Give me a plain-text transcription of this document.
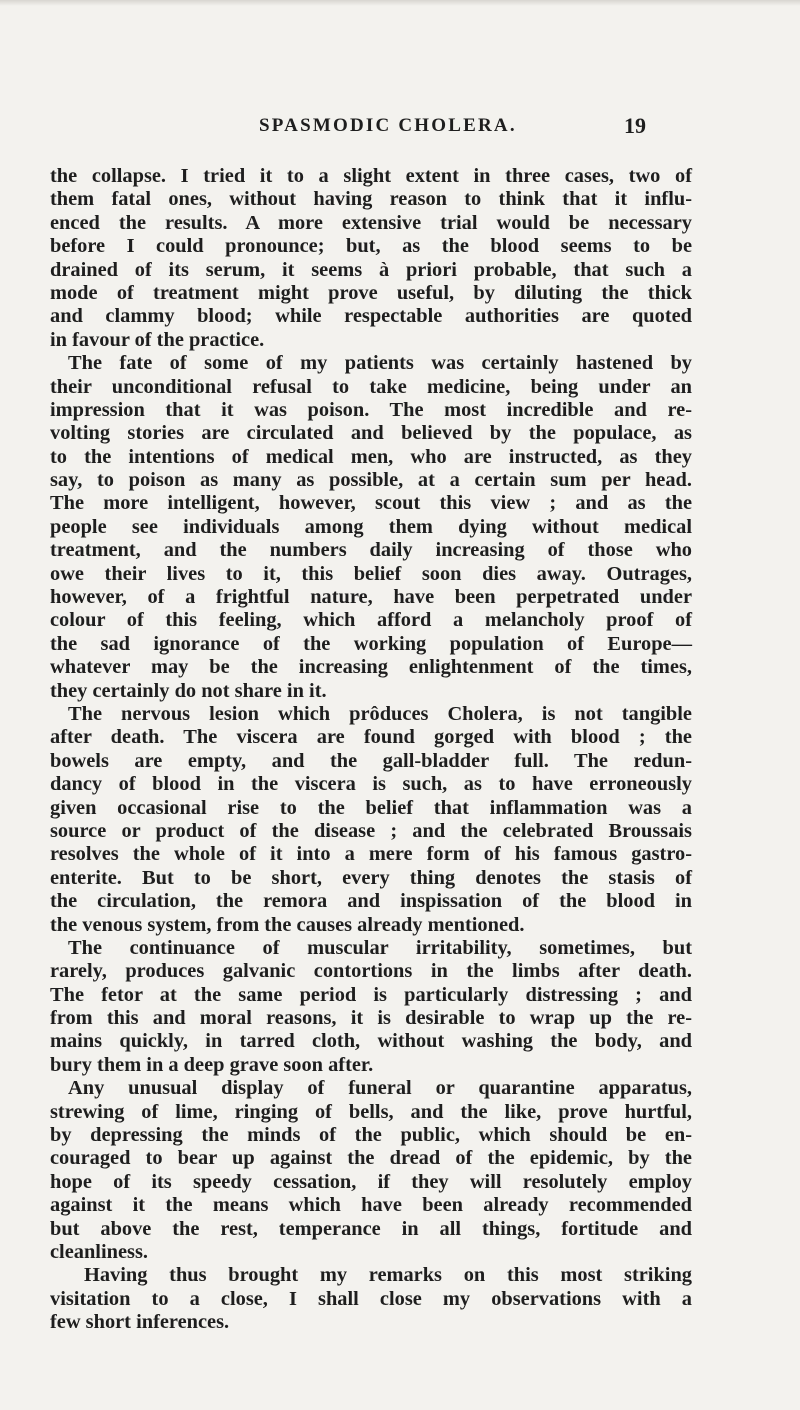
SPASMODIC CHOLERA.	19
the collapse. I tried it to a slight extent in three cases, two of
them fatal ones, without having reason to think that it influ-
enced the results. A more extensive trial would be necessary
before I could pronounce; but, as the blood seems to be
drained of its serum, it seems à priori probable, that such a
mode of treatment might prove useful, by diluting the thick
and clammy blood; while respectable authorities are quoted
in favour of the practice.
The fate of some of my patients was certainly hastened by
their unconditional refusal to take medicine, being under an
impression that it was poison. The most incredible and re-
volting stories are circulated and believed by the populace, as
to the intentions of medical men, who are instructed, as they
say, to poison as many as possible, at a certain sum per head.
The more intelligent, however, scout this view ; and as the
people see individuals among them dying without medical
treatment, and the numbers daily increasing of those who
owe their lives to it, this belief soon dies away. Outrages,
however, of a frightful nature, have been perpetrated under
colour of this feeling, which afford a melancholy proof of
the sad ignorance of the working population of Europe—
whatever may be the increasing enlightenment of the times,
they certainly do not share in it.
The nervous lesion which prôduces Cholera, is not tangible
after death. The viscera are found gorged with blood ; the
bowels are empty, and the gall-bladder full. The redun-
dancy of blood in the viscera is such, as to have erroneously
given occasional rise to the belief that inflammation was a
source or product of the disease ; and the celebrated Broussais
resolves the whole of it into a mere form of his famous gastro-
enterite. But to be short, every thing denotes the stasis of
the circulation, the remora and inspissation of the blood in
the venous system, from the causes already mentioned.
The continuance of muscular irritability, sometimes, but
rarely, produces galvanic contortions in the limbs after death.
The fetor at the same period is particularly distressing ; and
from this and moral reasons, it is desirable to wrap up the re-
mains quickly, in tarred cloth, without washing the body, and
bury them in a deep grave soon after.
Any unusual display of funeral or quarantine apparatus,
strewing of lime, ringing of bells, and the like, prove hurtful,
by depressing the minds of the public, which should be en-
couraged to bear up against the dread of the epidemic, by the
hope of its speedy cessation, if they will resolutely employ
against it the means which have been already recommended
but above the rest, temperance in all things, fortitude and
cleanliness.
Having thus brought my remarks on this most striking
visitation to a close, I shall close my observations with a
few short inferences.
